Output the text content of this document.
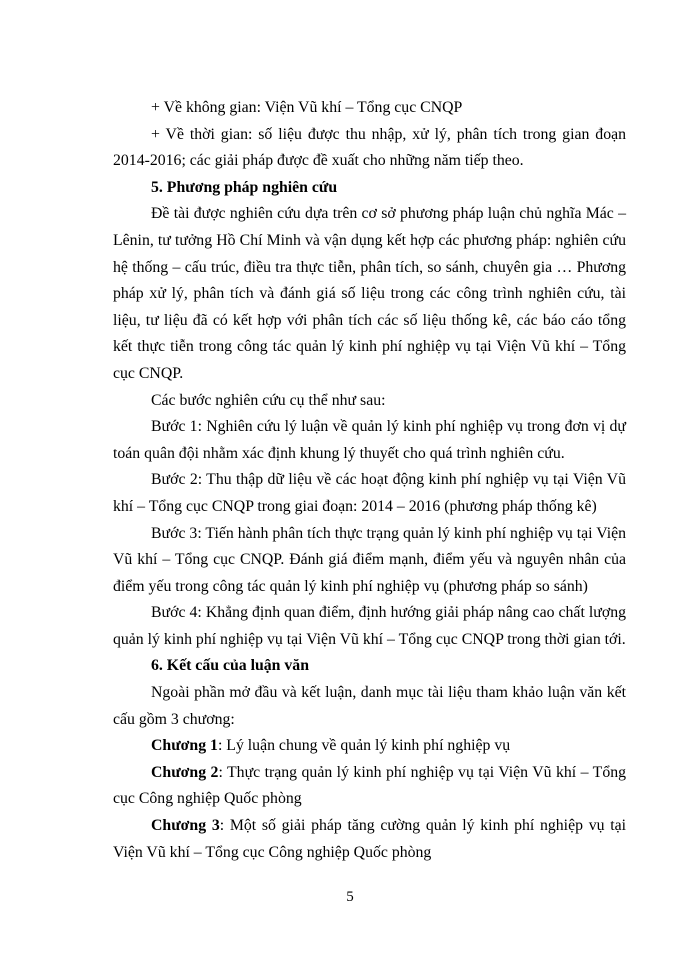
+ Về không gian: Viện Vũ khí – Tổng cục CNQP

+ Về thời gian: số liệu được thu nhập, xử lý, phân tích trong gian đoạn 2014-2016; các giải pháp được đề xuất cho những năm tiếp theo.

5. Phương pháp nghiên cứu

Đề tài được nghiên cứu dựa trên cơ sở phương pháp luận chủ nghĩa Mác – Lênin, tư tưởng Hồ Chí Minh và vận dụng kết hợp các phương pháp: nghiên cứu hệ thống – cấu trúc, điều tra thực tiễn, phân tích, so sánh, chuyên gia … Phương pháp xử lý, phân tích và đánh giá số liệu trong các công trình nghiên cứu, tài liệu, tư liệu đã có kết hợp với phân tích các số liệu thống kê, các báo cáo tổng kết thực tiễn trong công tác quản lý kinh phí nghiệp vụ tại Viện Vũ khí – Tổng cục CNQP.

Các bước nghiên cứu cụ thể như sau:

Bước 1: Nghiên cứu lý luận về quản lý kinh phí nghiệp vụ trong đơn vị dự toán quân đội nhằm xác định khung lý thuyết cho quá trình nghiên cứu.

Bước 2: Thu thập dữ liệu về các hoạt động kinh phí nghiệp vụ tại Viện Vũ khí – Tổng cục CNQP trong giai đoạn: 2014 – 2016 (phương pháp thống kê)

Bước 3: Tiến hành phân tích thực trạng quản lý kinh phí nghiệp vụ tại Viện Vũ khí – Tổng cục CNQP. Đánh giá điểm mạnh, điểm yếu và nguyên nhân của điểm yếu trong công tác quản lý kinh phí nghiệp vụ (phương pháp so sánh)

Bước 4: Khẳng định quan điểm, định hướng giải pháp nâng cao chất lượng quản lý kinh phí nghiệp vụ tại Viện Vũ khí – Tổng cục CNQP trong thời gian tới.

6. Kết cấu của luận văn

Ngoài phần mở đầu và kết luận, danh mục tài liệu tham khảo luận văn kết cấu gồm 3 chương:

Chương 1: Lý luận chung về quản lý kinh phí nghiệp vụ

Chương 2: Thực trạng quản lý kinh phí nghiệp vụ tại Viện Vũ khí – Tổng cục Công nghiệp Quốc phòng

Chương 3: Một số giải pháp tăng cường quản lý kinh phí nghiệp vụ tại Viện Vũ khí – Tổng cục Công nghiệp Quốc phòng

5
